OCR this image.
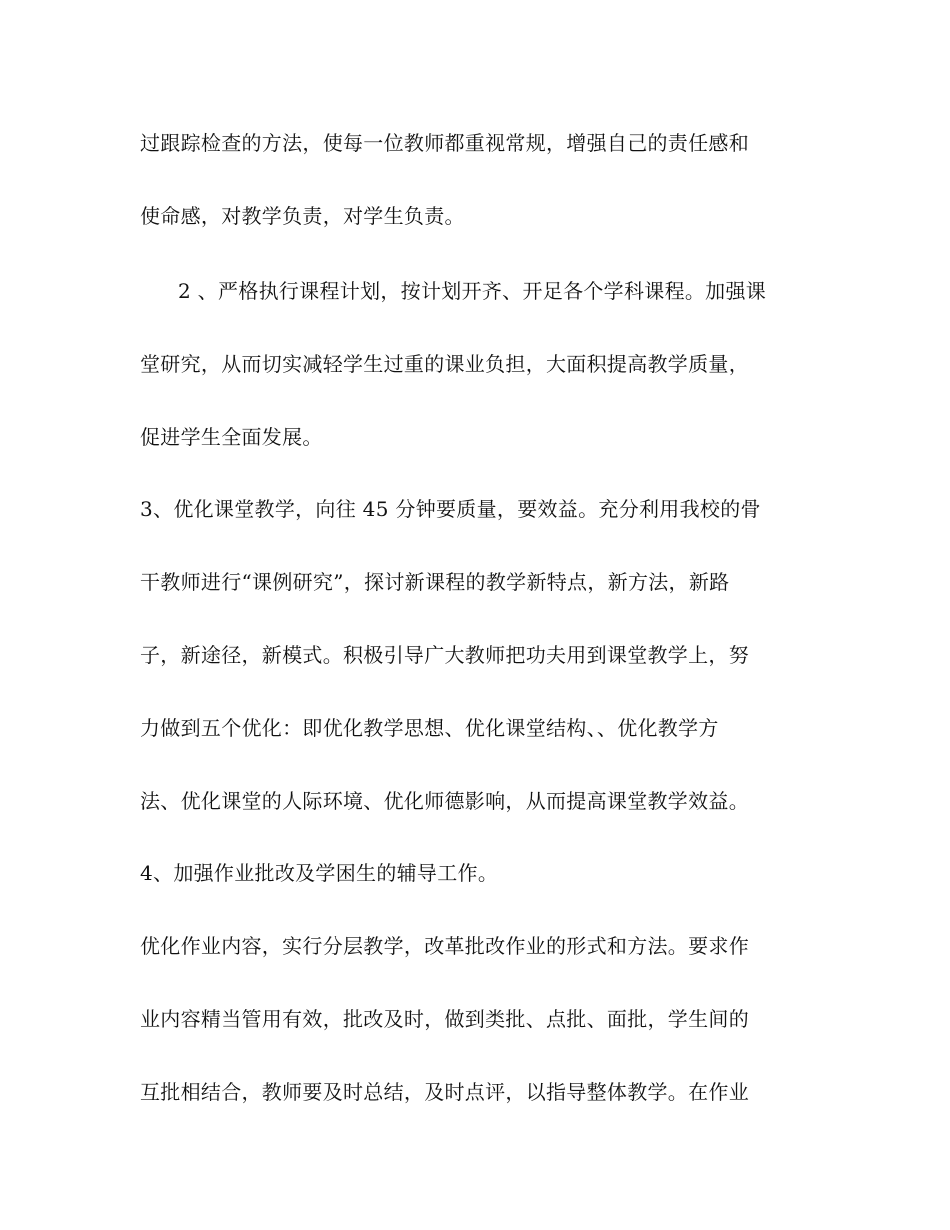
过跟踪检查的方法，使每一位教师都重视常规，增强自己的责任感和
使命感，对教学负责，对学生负责。
2 、严格执行课程计划，按计划开齐、开足各个学科课程。加强课
堂研究，从而切实减轻学生过重的课业负担，大面积提高教学质量，
促进学生全面发展。
3、优化课堂教学，向往 45 分钟要质量，要效益。充分利用我校的骨
干教师进行“课例研究”，探讨新课程的教学新特点，新方法，新路
子，新途径，新模式。积极引导广大教师把功夫用到课堂教学上，努
力做到五个优化：即优化教学思想、优化课堂结构、、优化教学方
法、优化课堂的人际环境、优化师德影响，从而提高课堂教学效益。
4、加强作业批改及学困生的辅导工作。
优化作业内容，实行分层教学，改革批改作业的形式和方法。要求作
业内容精当管用有效，批改及时，做到类批、点批、面批，学生间的
互批相结合，教师要及时总结，及时点评，以指导整体教学。在作业
